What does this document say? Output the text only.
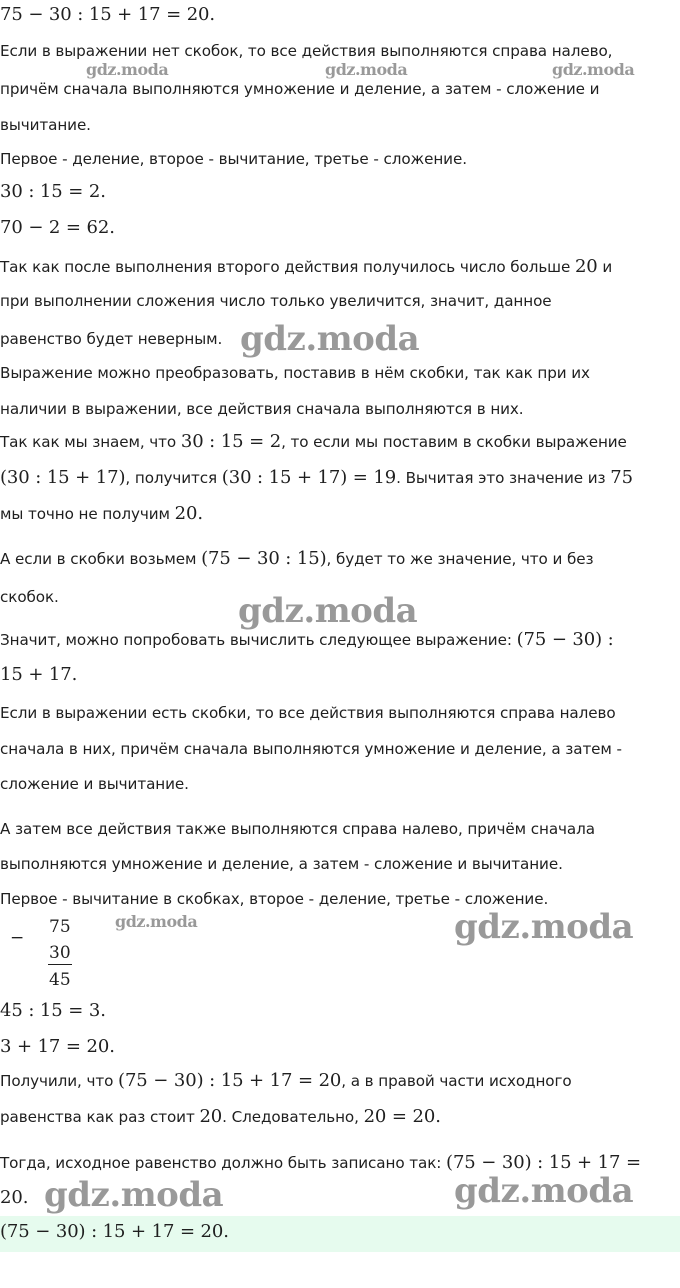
75 − 30 : 15 + 17 = 20.
Если в выражении нет скобок, то все действия выполняются справа налево,
причём сначала выполняются умножение и деление, а затем - сложение и
вычитание.
Первое - деление, второе - вычитание, третье - сложение.
30 : 15 = 2.
70 − 2 = 62.
Так как после выполнения второго действия получилось число больше 20 и
при выполнении сложения число только увеличится, значит, данное
равенство будет неверным.
Выражение можно преобразовать, поставив в нём скобки, так как при их
наличии в выражении, все действия сначала выполняются в них.
Так как мы знаем, что 30 : 15 = 2, то если мы поставим в скобки выражение
(30 : 15 + 17), получится (30 : 15 + 17) = 19. Вычитая это значение из 75
мы точно не получим 20.
А если в скобки возьмем (75 − 30 : 15), будет то же значение, что и без
скобок.
Значит, можно попробовать вычислить следующее выражение: (75 − 30) :
15 + 17.
Если в выражении есть скобки, то все действия выполняются справа налево
сначала в них, причём сначала выполняются умножение и деление, а затем -
сложение и вычитание.
А затем все действия также выполняются справа налево, причём сначала
выполняются умножение и деление, а затем - сложение и вычитание.
Первое - вычитание в скобках, второе - деление, третье - сложение.
−
75
30
45
45 : 15 = 3.
3 + 17 = 20.
Получили, что (75 − 30) : 15 + 17 = 20, а в правой части исходного
равенства как раз стоит 20. Следовательно, 20 = 20.
Тогда, исходное равенство должно быть записано так: (75 − 30) : 15 + 17 =
20.
(75 − 30) : 15 + 17 = 20.
gdz.moda	gdz.moda	gdz.moda
gdz.moda
gdz.moda
gdz.moda	gdz.moda
gdz.moda	gdz.moda
